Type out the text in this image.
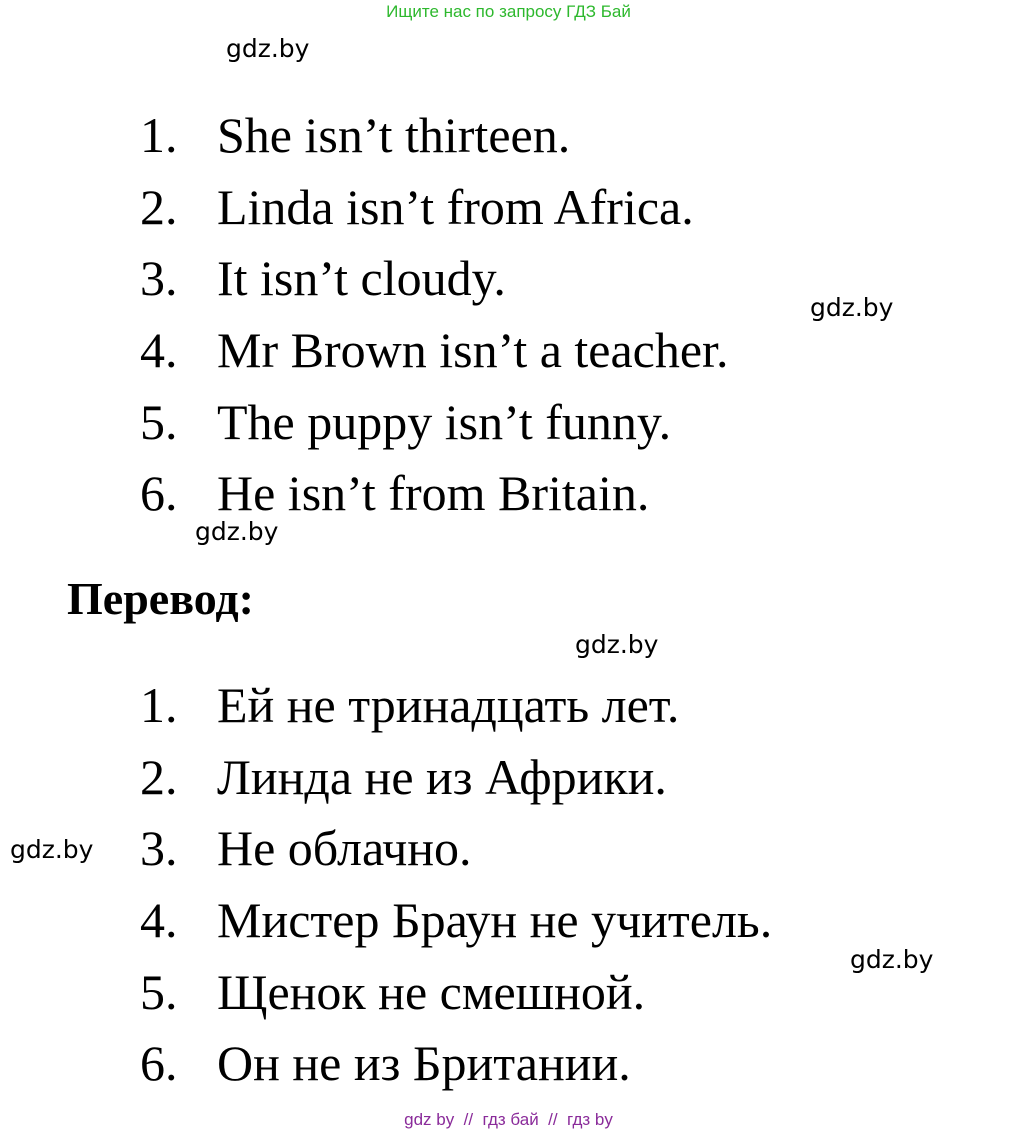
Ищите нас по запросу ГДЗ Бай
gdz.by
1. She isn’t thirteen.
2. Linda isn’t from Africa.
3. It isn’t cloudy.
gdz.by
4. Mr Brown isn’t a teacher.
5. The puppy isn’t funny.
6. He isn’t from Britain.
gdz.by
Перевод:
gdz.by
1. Ей не тринадцать лет.
2. Линда не из Африки.
gdz.by 3. Не облачно.
4. Мистер Браун не учитель.
gdz.by
5. Щенок не смешной.
6. Он не из Британии.
gdz by  //  гдз бай  //  гдз by
